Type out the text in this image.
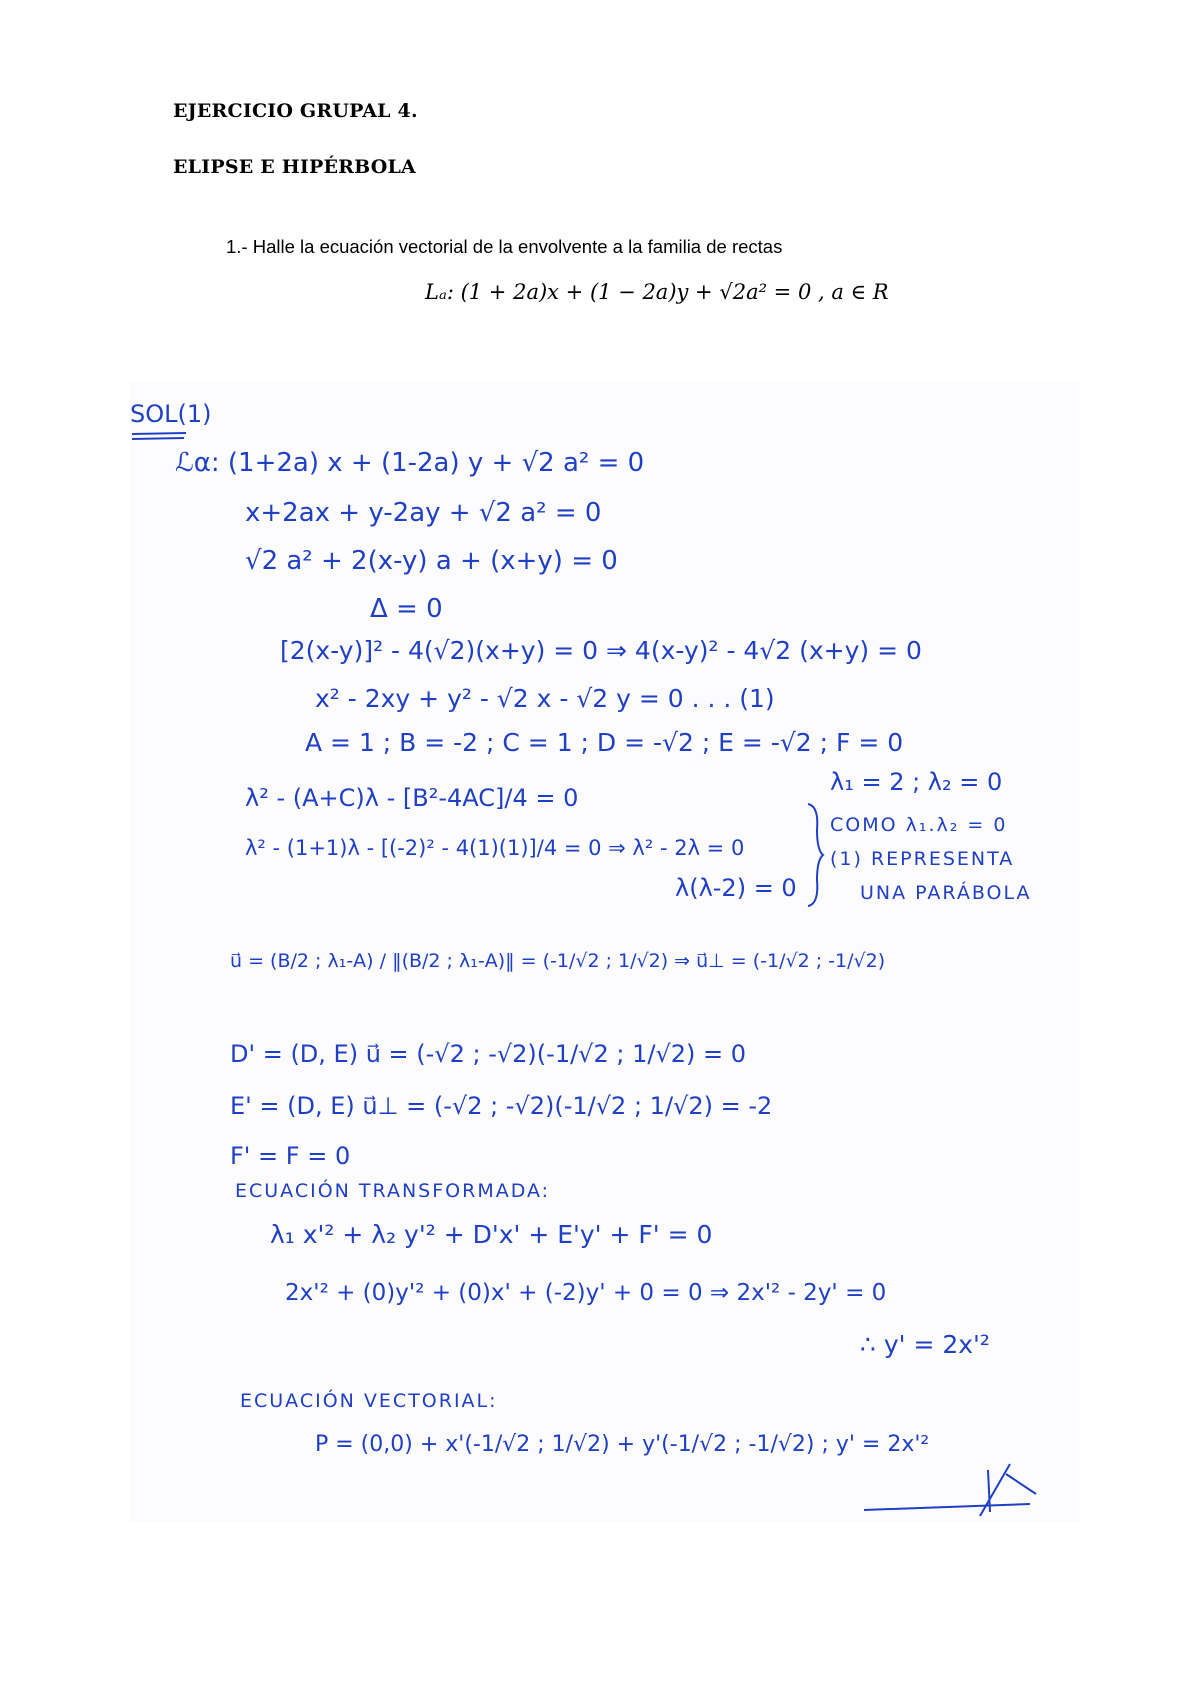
EJERCICIO GRUPAL 4.
ELIPSE E HIPÉRBOLA
1.- Halle la ecuación vectorial de la envolvente a la familia de rectas
Lₐ: (1 + 2a)x + (1 − 2a)y + √2a² = 0 , a ∈ R
SOL(1)
ℒα: (1+2a) x + (1-2a) y + √2 a² = 0
x+2ax + y-2ay + √2 a² = 0
√2 a² + 2(x-y) a + (x+y) = 0
Δ = 0
[2(x-y)]² - 4(√2)(x+y) = 0 ⇒ 4(x-y)² - 4√2 (x+y) = 0
x² - 2xy + y² - √2 x - √2 y = 0 . . . (1)
A = 1 ; B = -2 ; C = 1 ; D = -√2 ; E = -√2 ; F = 0
λ₁ = 2 ; λ₂ = 0
λ² - (A+C)λ - [B²-4AC]/4 = 0
COMO λ₁.λ₂ = 0
λ² - (1+1)λ - [(-2)² - 4(1)(1)]/4 = 0 ⇒ λ² - 2λ = 0
λ(λ-2) = 0
(1) REPRESENTA
UNA PARÁBOLA
u⃗ = (B/2 ; λ₁-A) / ‖(B/2 ; λ₁-A)‖ = (-1/√2 ; 1/√2) ⇒ u⃗⊥ = (-1/√2 ; -1/√2)
D' = (D, E) u⃗ = (-√2 ; -√2)(-1/√2 ; 1/√2) = 0
E' = (D, E) u⃗⊥ = (-√2 ; -√2)(-1/√2 ; 1/√2) = -2
F' = F = 0
ECUACIÓN TRANSFORMADA:
λ₁ x'² + λ₂ y'² + D'x' + E'y' + F' = 0
2x'² + (0)y'² + (0)x' + (-2)y' + 0 = 0 ⇒ 2x'² - 2y' = 0
∴ y' = 2x'²
ECUACIÓN VECTORIAL:
P = (0,0) + x'(-1/√2 ; 1/√2) + y'(-1/√2 ; -1/√2) ; y' = 2x'²
